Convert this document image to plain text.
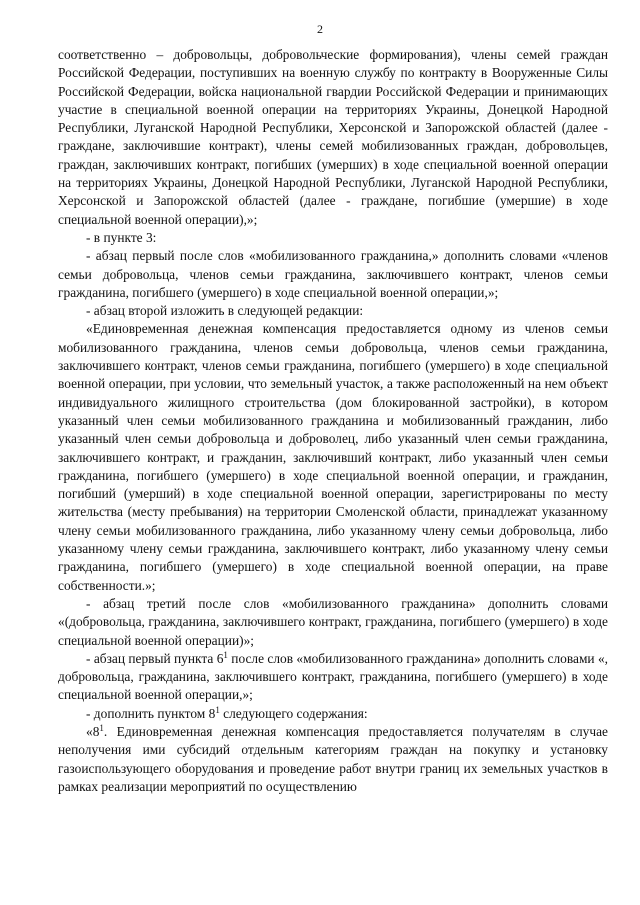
2

соответственно – добровольцы, добровольческие формирования), члены семей граждан Российской Федерации, поступивших на военную службу по контракту в Вооруженные Силы Российской Федерации, войска национальной гвардии Российской Федерации и принимающих участие в специальной военной операции на территориях Украины, Донецкой Народной Республики, Луганской Народной Республики, Херсонской и Запорожской областей (далее - граждане, заключившие контракт), члены семей мобилизованных граждан, добровольцев, граждан, заключивших контракт, погибших (умерших) в ходе специальной военной операции на территориях Украины, Донецкой Народной Республики, Луганской Народной Республики, Херсонской и Запорожской областей (далее - граждане, погибшие (умершие) в ходе специальной военной операции),»;

- в пункте 3:

- абзац первый после слов «мобилизованного гражданина,» дополнить словами «членов семьи добровольца, членов семьи гражданина, заключившего контракт, членов семьи гражданина, погибшего (умершего) в ходе специальной военной операции,»;

- абзац второй изложить в следующей редакции:

«Единовременная денежная компенсация предоставляется одному из членов семьи мобилизованного гражданина, членов семьи добровольца, членов семьи гражданина, заключившего контракт, членов семьи гражданина, погибшего (умершего) в ходе специальной военной операции, при условии, что земельный участок, а также расположенный на нем объект индивидуального жилищного строительства (дом блокированной застройки), в котором указанный член семьи мобилизованного гражданина и мобилизованный гражданин, либо указанный член семьи добровольца и доброволец, либо указанный член семьи гражданина, заключившего контракт, и гражданин, заключивший контракт, либо указанный член семьи гражданина, погибшего (умершего) в ходе специальной военной операции, и гражданин, погибший (умерший) в ходе специальной военной операции, зарегистрированы по месту жительства (месту пребывания) на территории Смоленской области, принадлежат указанному члену семьи мобилизованного гражданина, либо указанному члену семьи добровольца, либо указанному члену семьи гражданина, заключившего контракт, либо указанному члену семьи гражданина, погибшего (умершего) в ходе специальной военной операции, на праве собственности.»;

- абзац третий после слов «мобилизованного гражданина» дополнить словами «(добровольца, гражданина, заключившего контракт, гражданина, погибшего (умершего) в ходе специальной военной операции)»;

- абзац первый пункта $6^1$ после слов «мобилизованного гражданина» дополнить словами «, добровольца, гражданина, заключившего контракт, гражданина, погибшего (умершего) в ходе специальной военной операции,»;

- дополнить пунктом $8^1$ следующего содержания:

«$8^1$. Единовременная денежная компенсация предоставляется получателям в случае неполучения ими субсидий отдельным категориям граждан на покупку и установку газоиспользующего оборудования и проведение работ внутри границ их земельных участков в рамках реализации мероприятий по осуществлению
